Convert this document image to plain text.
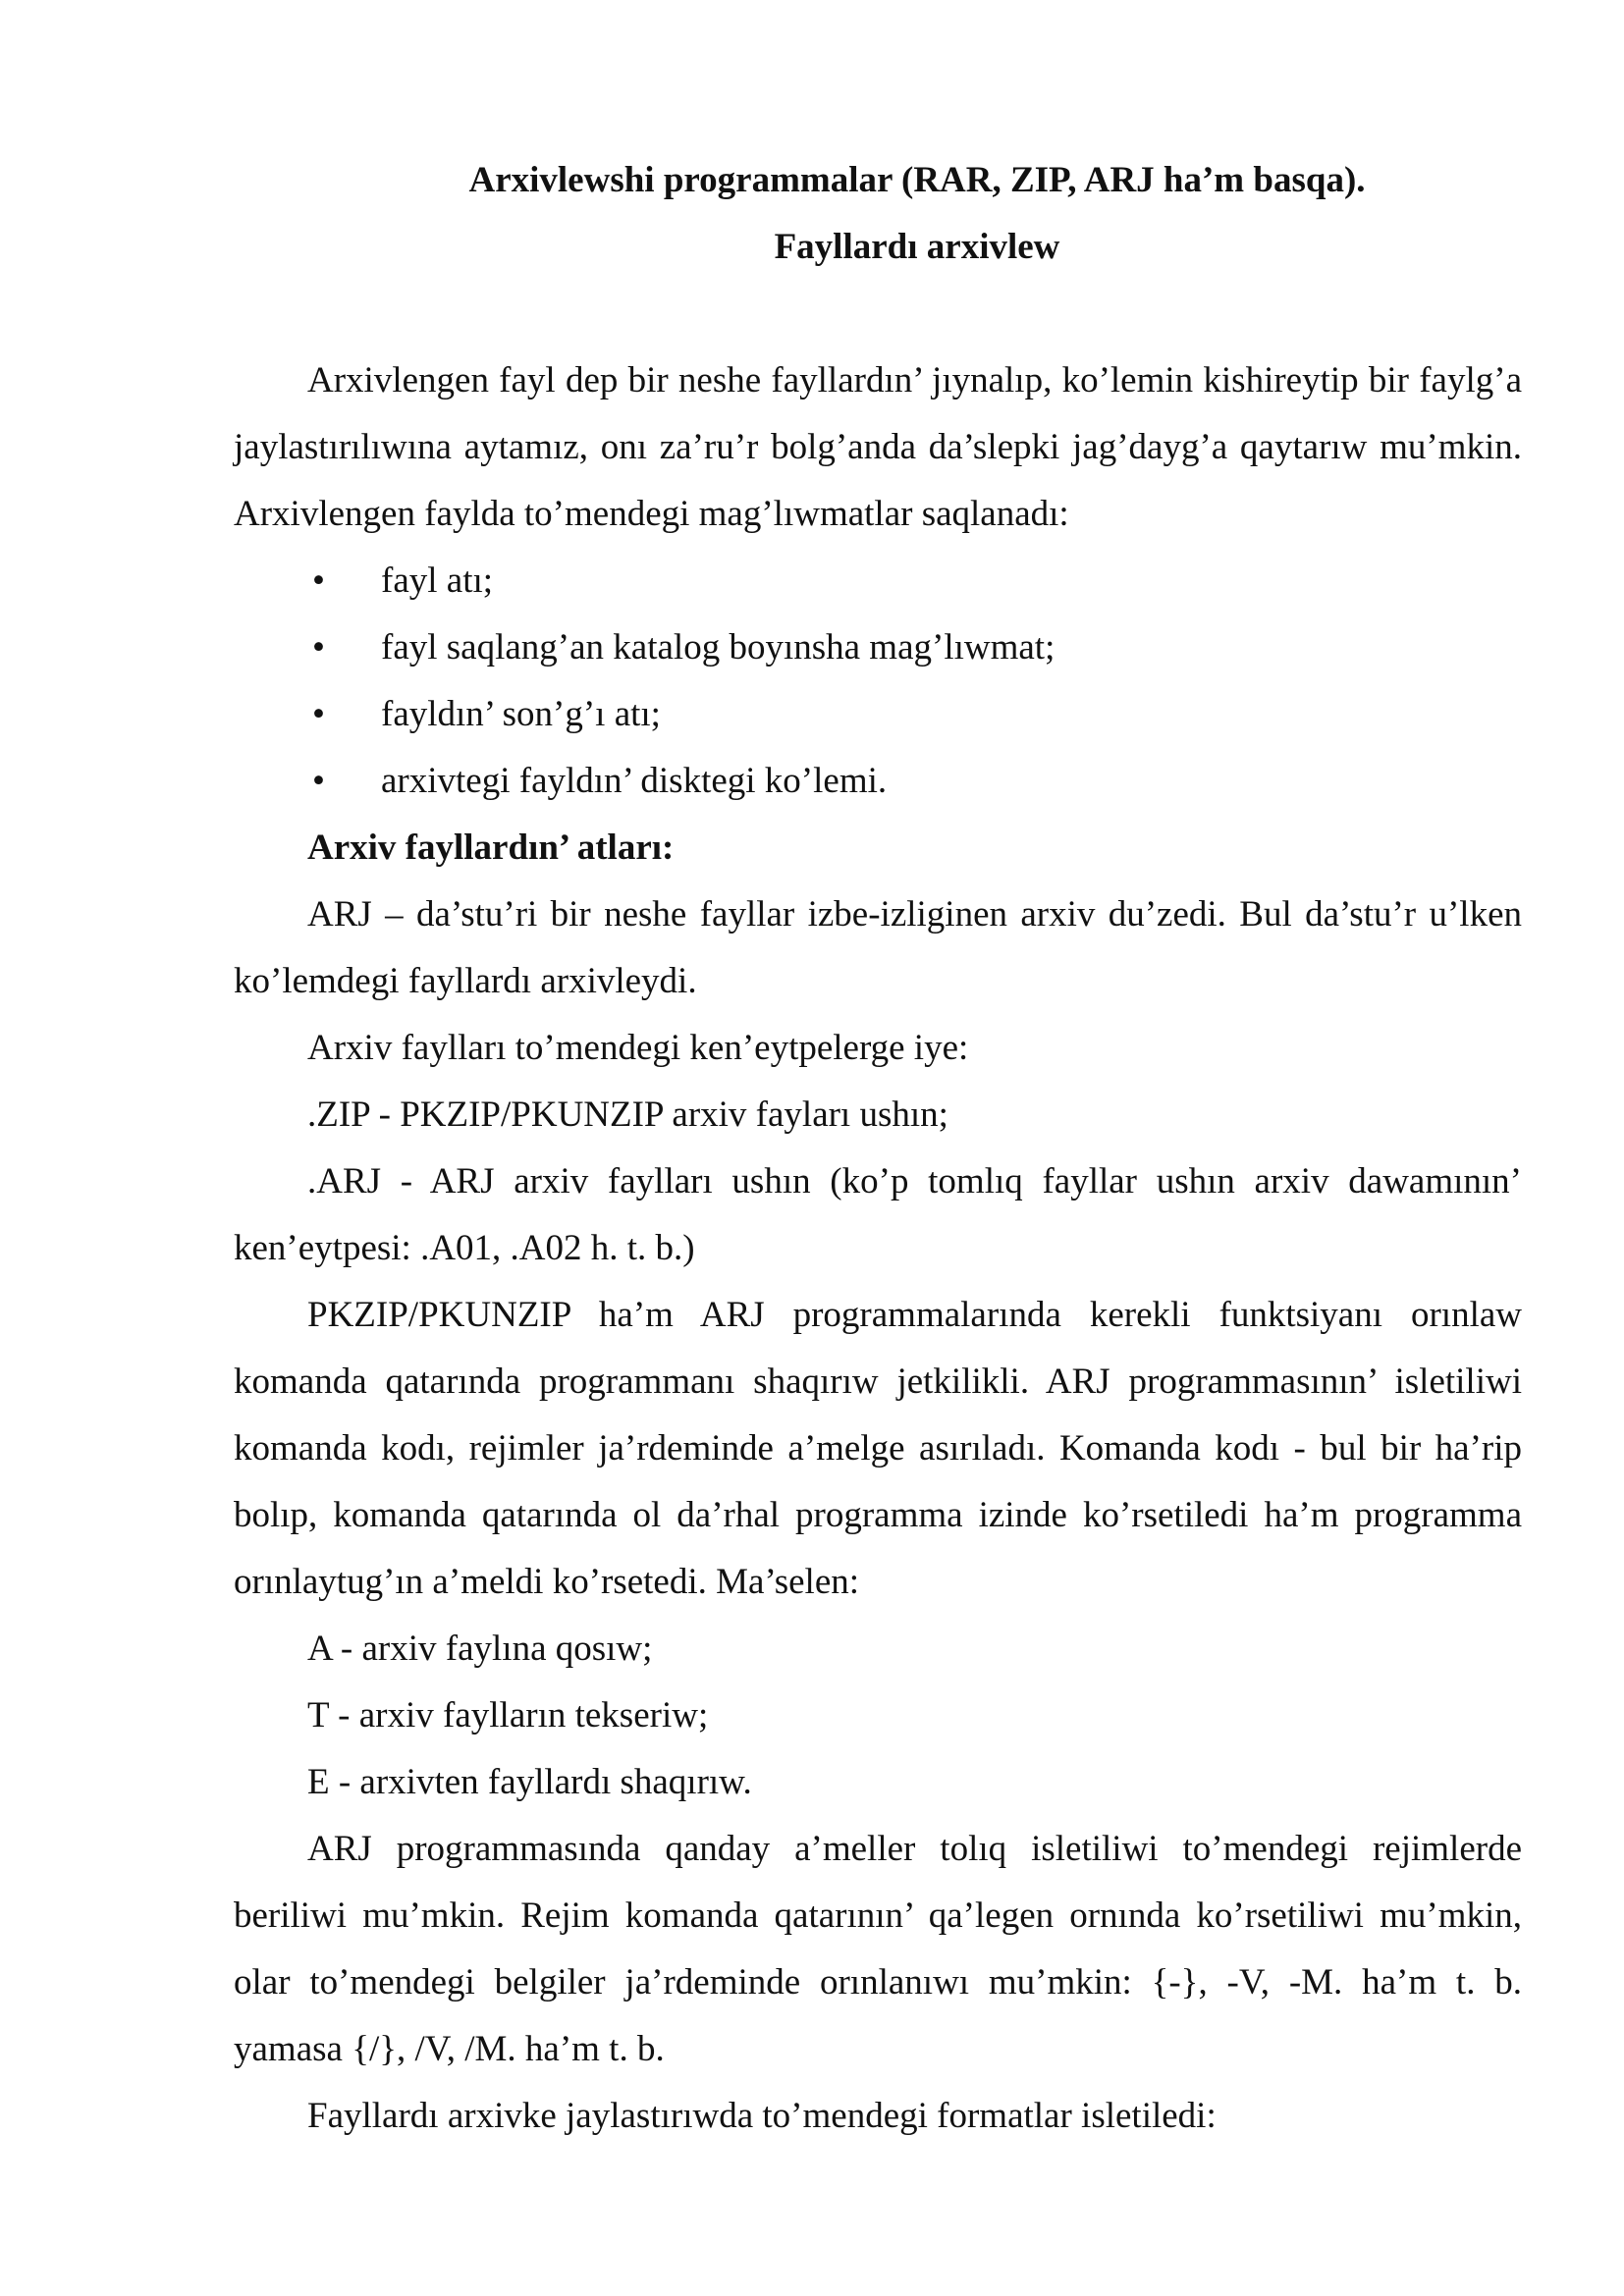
Arxivlewshi programmalar (RAR, ZIP, ARJ ha’m basqa).

Fayllardı arxivlew

Arxivlengen fayl dep bir neshe fayllardın’ jıynalıp, ko’lemin kishireytip bir faylg’a jaylastırılıwına aytamız, onı za’ru’r bolg’anda da’slepki jag’dayg’a qaytarıw mu’mkin. Arxivlengen faylda to’mendegi mag’lıwmatlar saqlanadı:

• fayl atı;
• fayl saqlang’an katalog boyınsha mag’lıwmat;
• fayldın’ son’g’ı atı;
• arxivtegi fayldın’ disktegi ko’lemi.

Arxiv fayllardın’ atları:

ARJ – da’stu’ri bir neshe fayllar izbe-izliginen arxiv du’zedi. Bul da’stu’r u’lken ko’lemdegi fayllardı arxivleydi.

Arxiv faylları to’mendegi ken’eytpelerge iye:

.ZIP - PKZIP/PKUNZIP arxiv fayları ushın;

.ARJ - ARJ arxiv faylları ushın (ko’p tomlıq fayllar ushın arxiv dawamının’ ken’eytpesi: .A01, .A02 h. t. b.)

PKZIP/PKUNZIP ha’m ARJ programmalarında kerekli funktsiyanı orınlaw komanda qatarında programmanı shaqırıw jetkilikli. ARJ programmasının’ isletiliwi komanda kodı, rejimler ja’rdeminde a’melge asırıladı. Komanda kodı - bul bir ha’rip bolıp, komanda qatarında ol da’rhal programma izinde ko’rsetiledi ha’m programma orınlaytug’ın a’meldi ko’rsetedi. Ma’selen:

A - arxiv faylına qosıw;

T - arxiv faylların tekseriw;

E - arxivten fayllardı shaqırıw.

ARJ programmasında qanday a’meller tolıq isletiliwi to’mendegi rejimlerde beriliwi mu’mkin. Rejim komanda qatarının’ qa’legen ornında ko’rsetiliwi mu’mkin, olar to’mendegi belgiler ja’rdeminde orınlanıwı mu’mkin: {-}, -V, -M. ha’m t. b. yamasa {/}, /V, /M. ha’m t. b.

Fayllardı arxivke jaylastırıwda to’mendegi formatlar isletiledi:
